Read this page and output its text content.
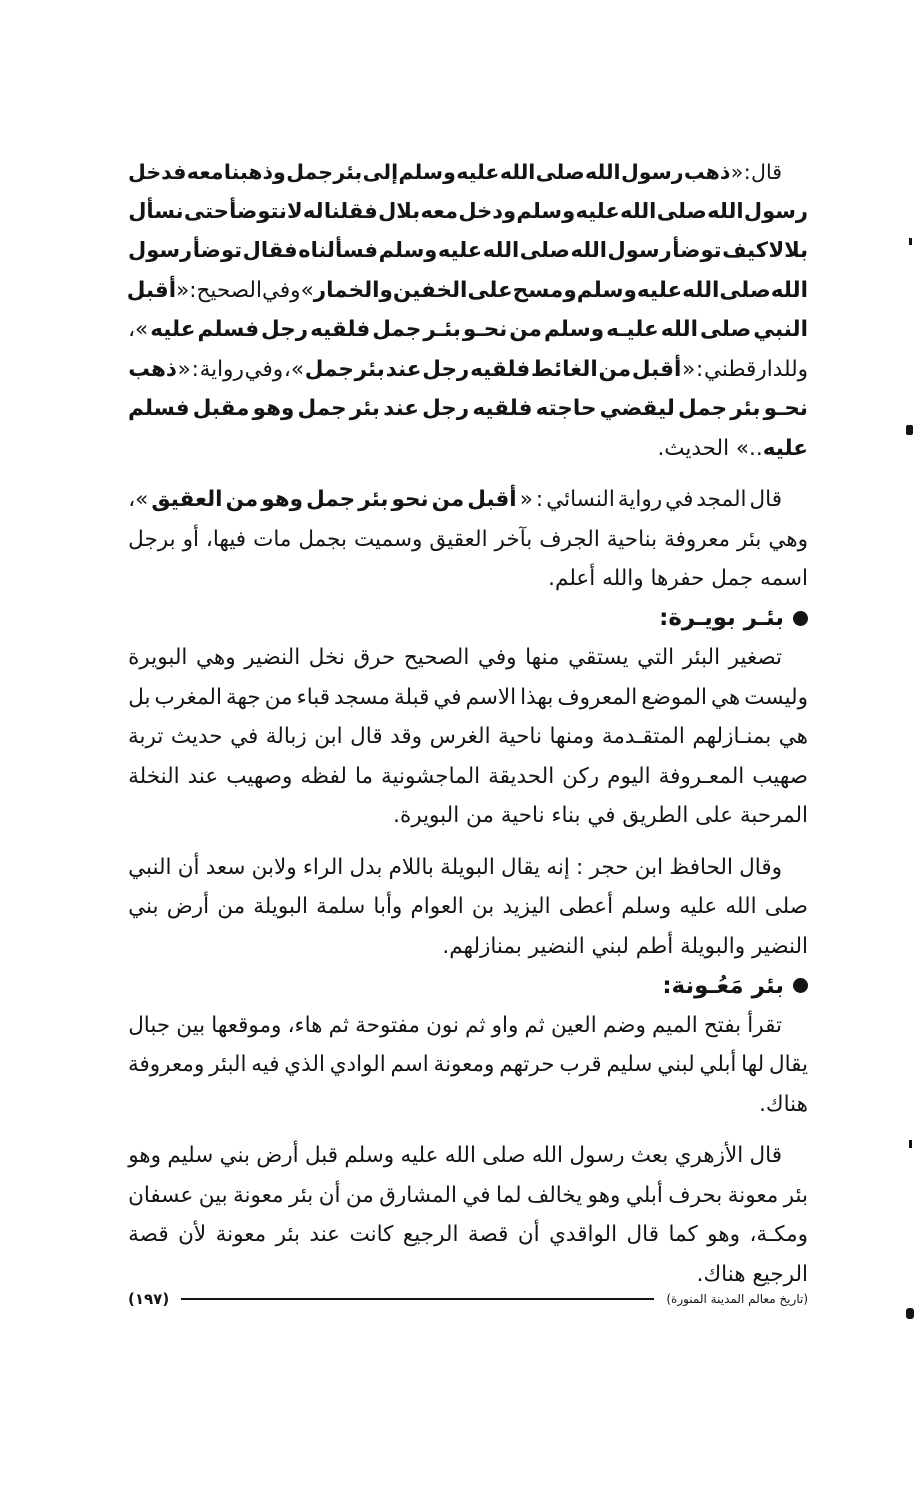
قال
:
«
ذهب
رسول
الله
صلى
الله
عليه
وسلم
إلى
بئر
جمل
وذهبنا
معه
فدخل
رسول
الله
صلى
الله
عليه
وسلم
ودخل
معه
بلال
فقلنا
له
لانتوضأ
حتى
نسأل
بلالا
كيف
توضأ
رسول
الله
صلى
الله
عليه
وسلم
فسألناه
فقال
توضأ
رسول
الله
صلى
الله
عليه
وسلم
ومسح
على
الخفين
والخمار
»
وفي
الصحيح
:
«
أقبل
النبي
صلى
الله
عليـه
وسلم
من
نحـو
بئـر
جمل
فلقيه
رجل
فسلم
عليه
»،
وللدارقطني
:
«
أقبل
من
الغائط
فلقيه
رجل
عند
بئر
جمل
»،
وفي
رواية
:
«
ذهب
نحـو
بئر
جمل
ليقضي
حاجته
فلقيه
رجل
عند
بئر
جمل
وهو
مقبل
فسلم
عليه
..» الحديث.
قال
المجد
في
رواية
النسائي
:
«
أقبل
من
نحو
بئر
جمل
وهو
من
العقيق
»،
وهي
بئر
معروفة
بناحية
الجرف
بآخر
العقيق
وسميت
بجمل
مات
فيها،
أو
برجل
اسمه جمل حفرها والله أعلم.
بئـر بويـرة:
تصغير
البئر
التي
يستقي
منها
وفي
الصحيح
حرق
نخل
النضير
وهي
البويرة
وليست
هي
الموضع
المعروف
بهذا
الاسم
في
قبلة
مسجد
قباء
من
جهة
المغرب
بل
هي
بمنـازلهم
المتقـدمة
ومنها
ناحية
الغرس
وقد
قال
ابن
زبالة
في
حديث
تربة
صهيب
المعـروفة
اليوم
ركن
الحديقة
الماجشونية
ما
لفظه
وصهيب
عند
النخلة
المرحبة على الطريق في بناء ناحية من البويرة.
وقال
الحافظ
ابن
حجر
:
إنه
يقال
البويلة
باللام
بدل
الراء
ولابن
سعد
أن
النبي
صلى
الله
عليه
وسلم
أعطى
اليزيد
بن
العوام
وأبا
سلمة
البويلة
من
أرض
بني
النضير والبويلة أطم لبني النضير بمنازلهم.
بئر مَعُـونة:
تقرأ
بفتح
الميم
وضم
العين
ثم
واو
ثم
نون
مفتوحة
ثم
هاء،
وموقعها
بين
جبال
يقال
لها
أبلي
لبني
سليم
قرب
حرتهم
ومعونة
اسم
الوادي
الذي
فيه
البئر
ومعروفة
هناك.
قال
الأزهري
بعث
رسول
الله
صلى
الله
عليه
وسلم
قبل
أرض
بني
سليم
وهو
بئر
معونة
بحرف
أبلي
وهو
يخالف
لما
في
المشارق
من
أن
بئر
معونة
بين
عسفان
ومكـة،
وهو
كما
قال
الواقدي
أن
قصة
الرجيع
كانت
عند
بئر
معونة
لأن
قصة
الرجيع هناك.
(تاريخ معالم المدينة المنورة)
(١٩٧)
